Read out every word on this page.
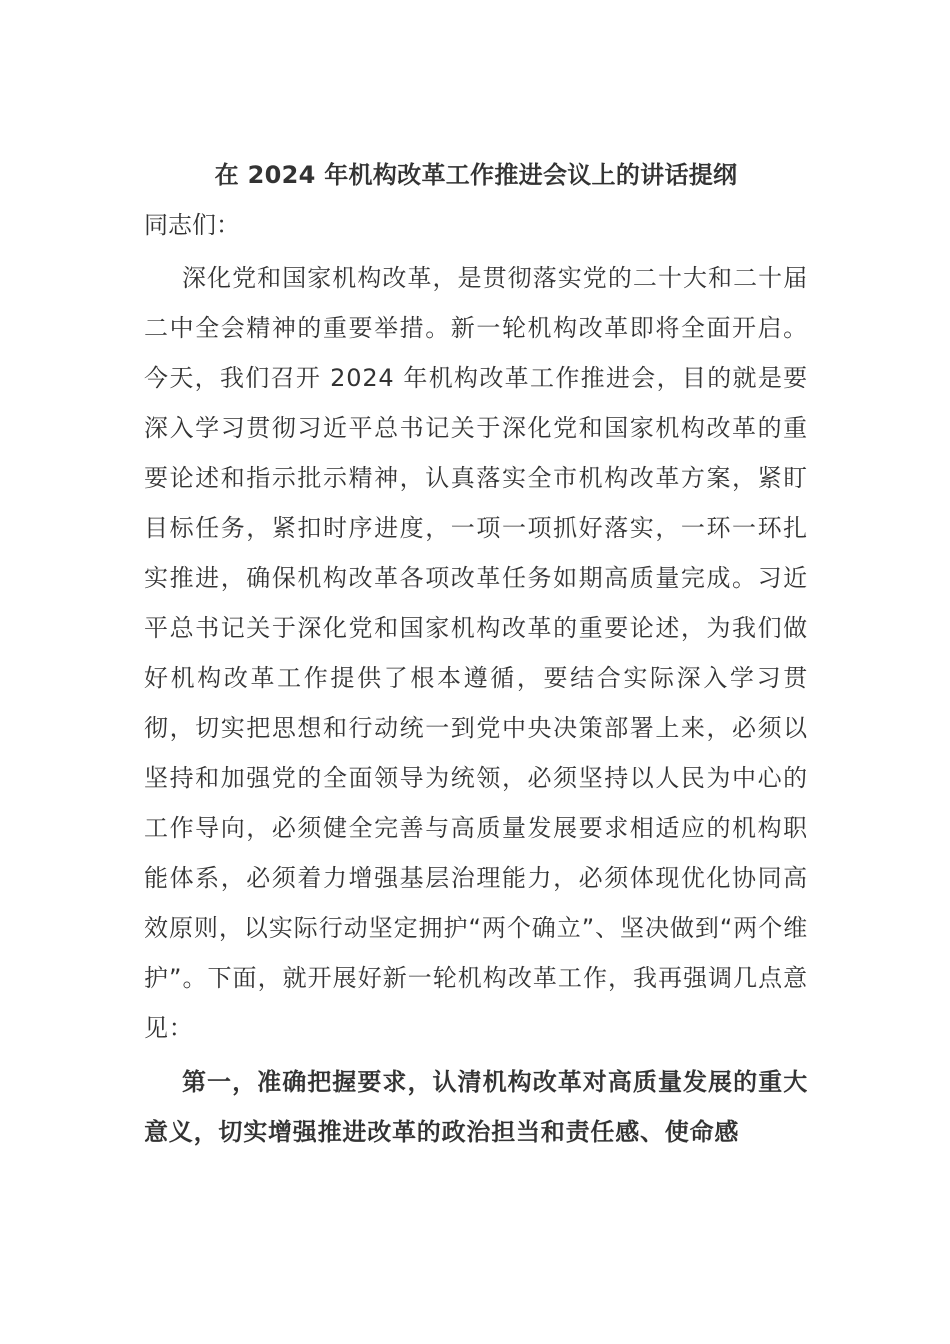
在 2024 年机构改革工作推进会议上的讲话提纲
同志们：

深化党和国家机构改革，是贯彻落实党的二十大和二十届二中全会精神的重要举措。新一轮机构改革即将全面开启。今天，我们召开 2024 年机构改革工作推进会，目的就是要深入学习贯彻习近平总书记关于深化党和国家机构改革的重要论述和指示批示精神，认真落实全市机构改革方案，紧盯目标任务，紧扣时序进度，一项一项抓好落实，一环一环扎实推进，确保机构改革各项改革任务如期高质量完成。习近平总书记关于深化党和国家机构改革的重要论述，为我们做好机构改革工作提供了根本遵循，要结合实际深入学习贯彻，切实把思想和行动统一到党中央决策部署上来，必须以坚持和加强党的全面领导为统领，必须坚持以人民为中心的工作导向，必须健全完善与高质量发展要求相适应的机构职能体系，必须着力增强基层治理能力，必须体现优化协同高效原则，以实际行动坚定拥护“两个确立”、坚决做到“两个维护”。下面，就开展好新一轮机构改革工作，我再强调几点意见：

第一，准确把握要求，认清机构改革对高质量发展的重大意义，切实增强推进改革的政治担当和责任感、使命感
